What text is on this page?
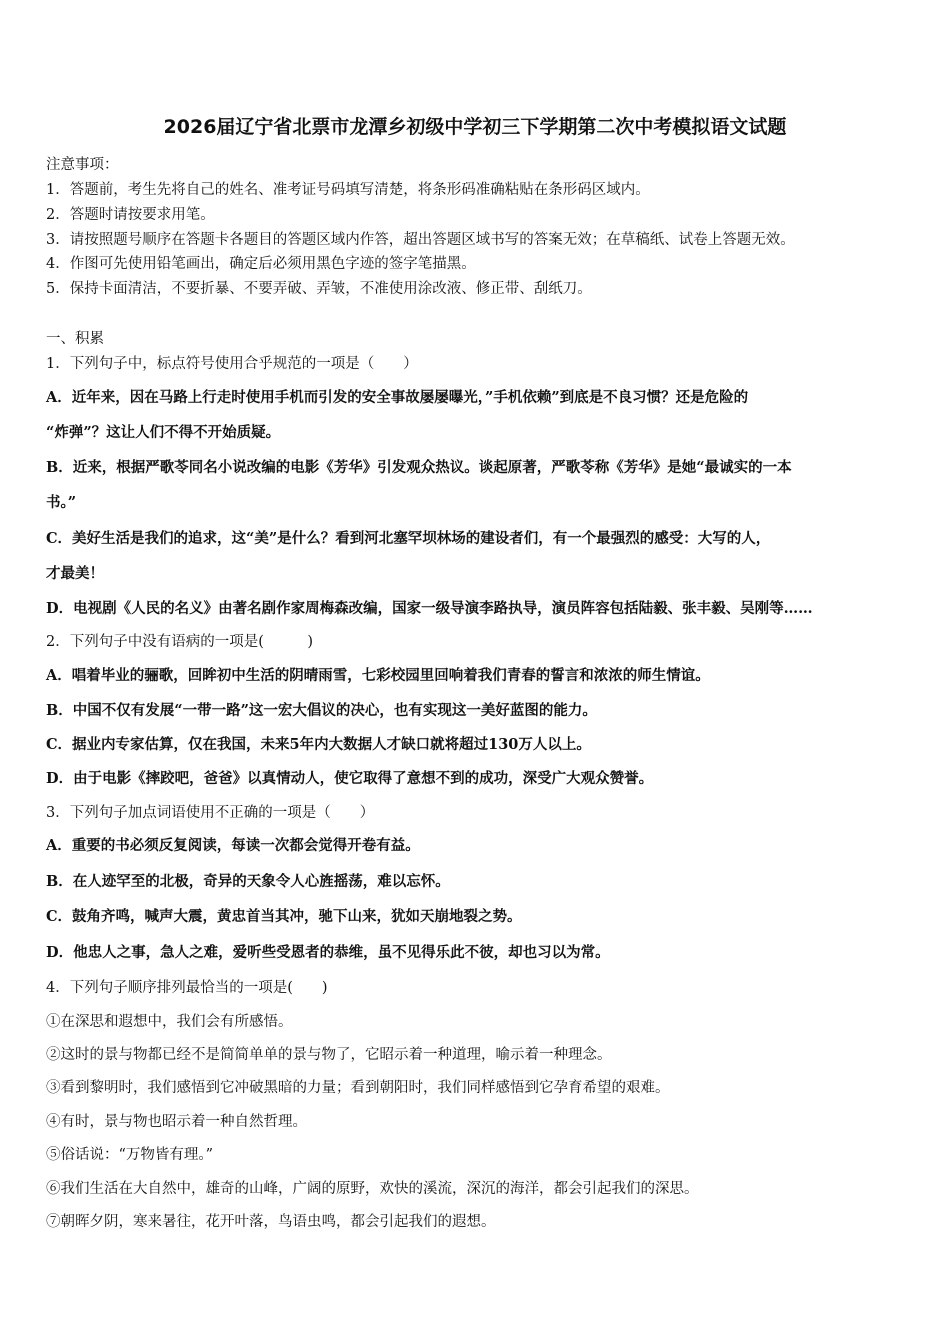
2026届辽宁省北票市龙潭乡初级中学初三下学期第二次中考模拟语文试题
注意事项：
1．答题前，考生先将自己的姓名、准考证号码填写清楚，将条形码准确粘贴在条形码区域内。
2．答题时请按要求用笔。
3．请按照题号顺序在答题卡各题目的答题区域内作答，超出答题区域书写的答案无效；在草稿纸、试卷上答题无效。
4．作图可先使用铅笔画出，确定后必须用黑色字迹的签字笔描黑。
5．保持卡面清洁，不要折暴、不要弄破、弄皱，不准使用涂改液、修正带、刮纸刀。
一、积累
1．下列句子中，标点符号使用合乎规范的一项是（　　）
A．近年来，因在马路上行走时使用手机而引发的安全事故屡屡曝光，”手机依赖”到底是不良习惯？还是危险的
“炸弹”？这让人们不得不开始质疑。
B．近来，根据严歌苓同名小说改编的电影《芳华》引发观众热议。谈起原著，严歌苓称《芳华》是她“最诚实的一本
书。”
C．美好生活是我们的追求，这“美”是什么？看到河北塞罕坝林场的建设者们，有一个最强烈的感受：大写的人，
才最美！
D．电视剧《人民的名义》由著名剧作家周梅森改编，国家一级导演李路执导，演员阵容包括陆毅、张丰毅、吴刚等……
2．下列句子中没有语病的一项是(　　　)
A．唱着毕业的骊歌，回眸初中生活的阴晴雨雪，七彩校园里回响着我们青春的誓言和浓浓的师生情谊。
B．中国不仅有发展“一带一路”这一宏大倡议的决心，也有实现这一美好蓝图的能力。
C．据业内专家估算，仅在我国，未来5年内大数据人才缺口就将超过130万人以上。
D．由于电影《摔跤吧，爸爸》以真情动人，使它取得了意想不到的成功，深受广大观众赞誉。
3．下列句子加点词语使用不正确的一项是（　　）
A．重要的书必须反复阅读，每读一次都会觉得开卷有益。
B．在人迹罕至的北极，奇异的天象令人心旌摇荡，难以忘怀。
C．鼓角齐鸣，喊声大震，黄忠首当其冲，驰下山来，犹如天崩地裂之势。
D．他忠人之事，急人之难，爱听些受恩者的恭维，虽不见得乐此不彼，却也习以为常。
4．下列句子顺序排列最恰当的一项是(　　)
①在深思和遐想中，我们会有所感悟。
②这时的景与物都已经不是简简单单的景与物了，它昭示着一种道理，喻示着一种理念。
③看到黎明时，我们感悟到它冲破黑暗的力量；看到朝阳时，我们同样感悟到它孕育希望的艰难。
④有时，景与物也昭示着一种自然哲理。
⑤俗话说：“万物皆有理。”
⑥我们生活在大自然中，雄奇的山峰，广阔的原野，欢快的溪流，深沉的海洋，都会引起我们的深思。
⑦朝晖夕阴，寒来暑往，花开叶落，鸟语虫鸣，都会引起我们的遐想。
